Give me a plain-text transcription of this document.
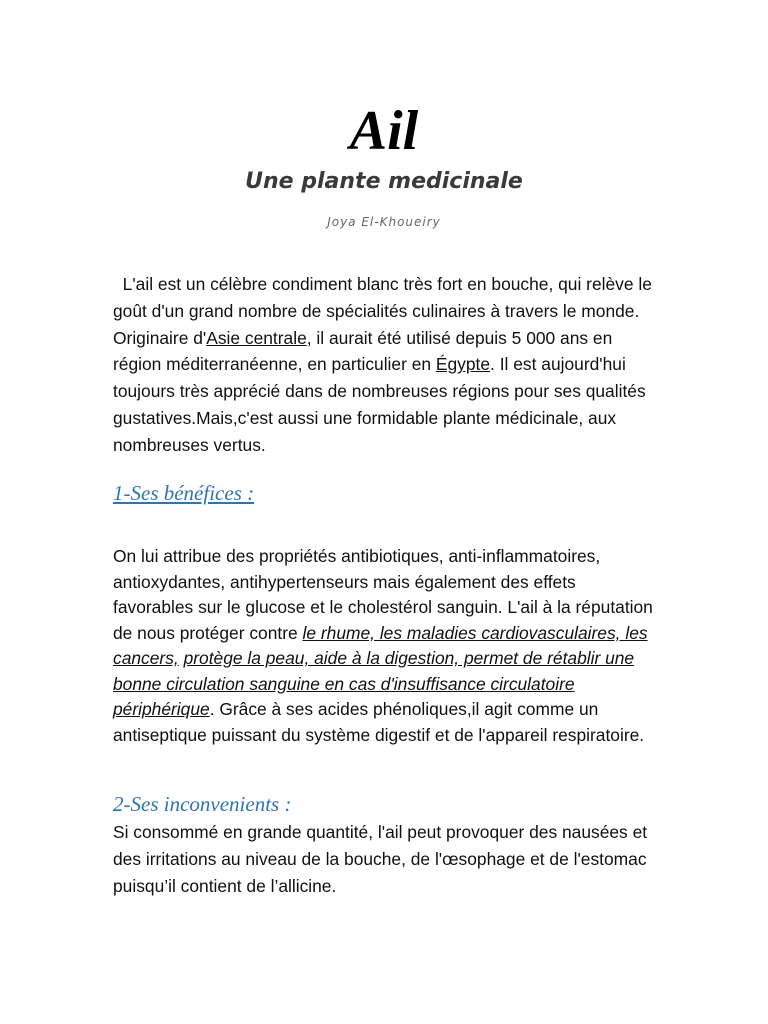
Ail
Une plante medicinale
Joya El-Khoueiry
L'ail est un célèbre condiment blanc très fort en bouche, qui relève le goût d'un grand nombre de spécialités culinaires à travers le monde. Originaire d'Asie centrale, il aurait été utilisé depuis 5 000 ans en région méditerranéenne, en particulier en Égypte. Il est aujourd'hui toujours très apprécié dans de nombreuses régions pour ses qualités gustatives.Mais,c'est aussi une formidable plante médicinale, aux nombreuses vertus.
1-Ses bénéfices :
On lui attribue des propriétés antibiotiques, anti-inflammatoires, antioxydantes, antihypertenseurs mais également des effets favorables sur le glucose et le cholestérol sanguin. L'ail à la réputation de nous protéger contre le rhume, les maladies cardiovasculaires, les cancers, protège la peau, aide à la digestion, permet de rétablir une bonne circulation sanguine en cas d'insuffisance circulatoire périphérique. Grâce à ses acides phénoliques,il agit comme un antiseptique puissant du système digestif et de l'appareil respiratoire.
2-Ses inconvenients :
Si consommé en grande quantité, l'ail peut provoquer des nausées et des irritations au niveau de la bouche, de l'œsophage et de l'estomac puisqu’il contient de l’allicine.
